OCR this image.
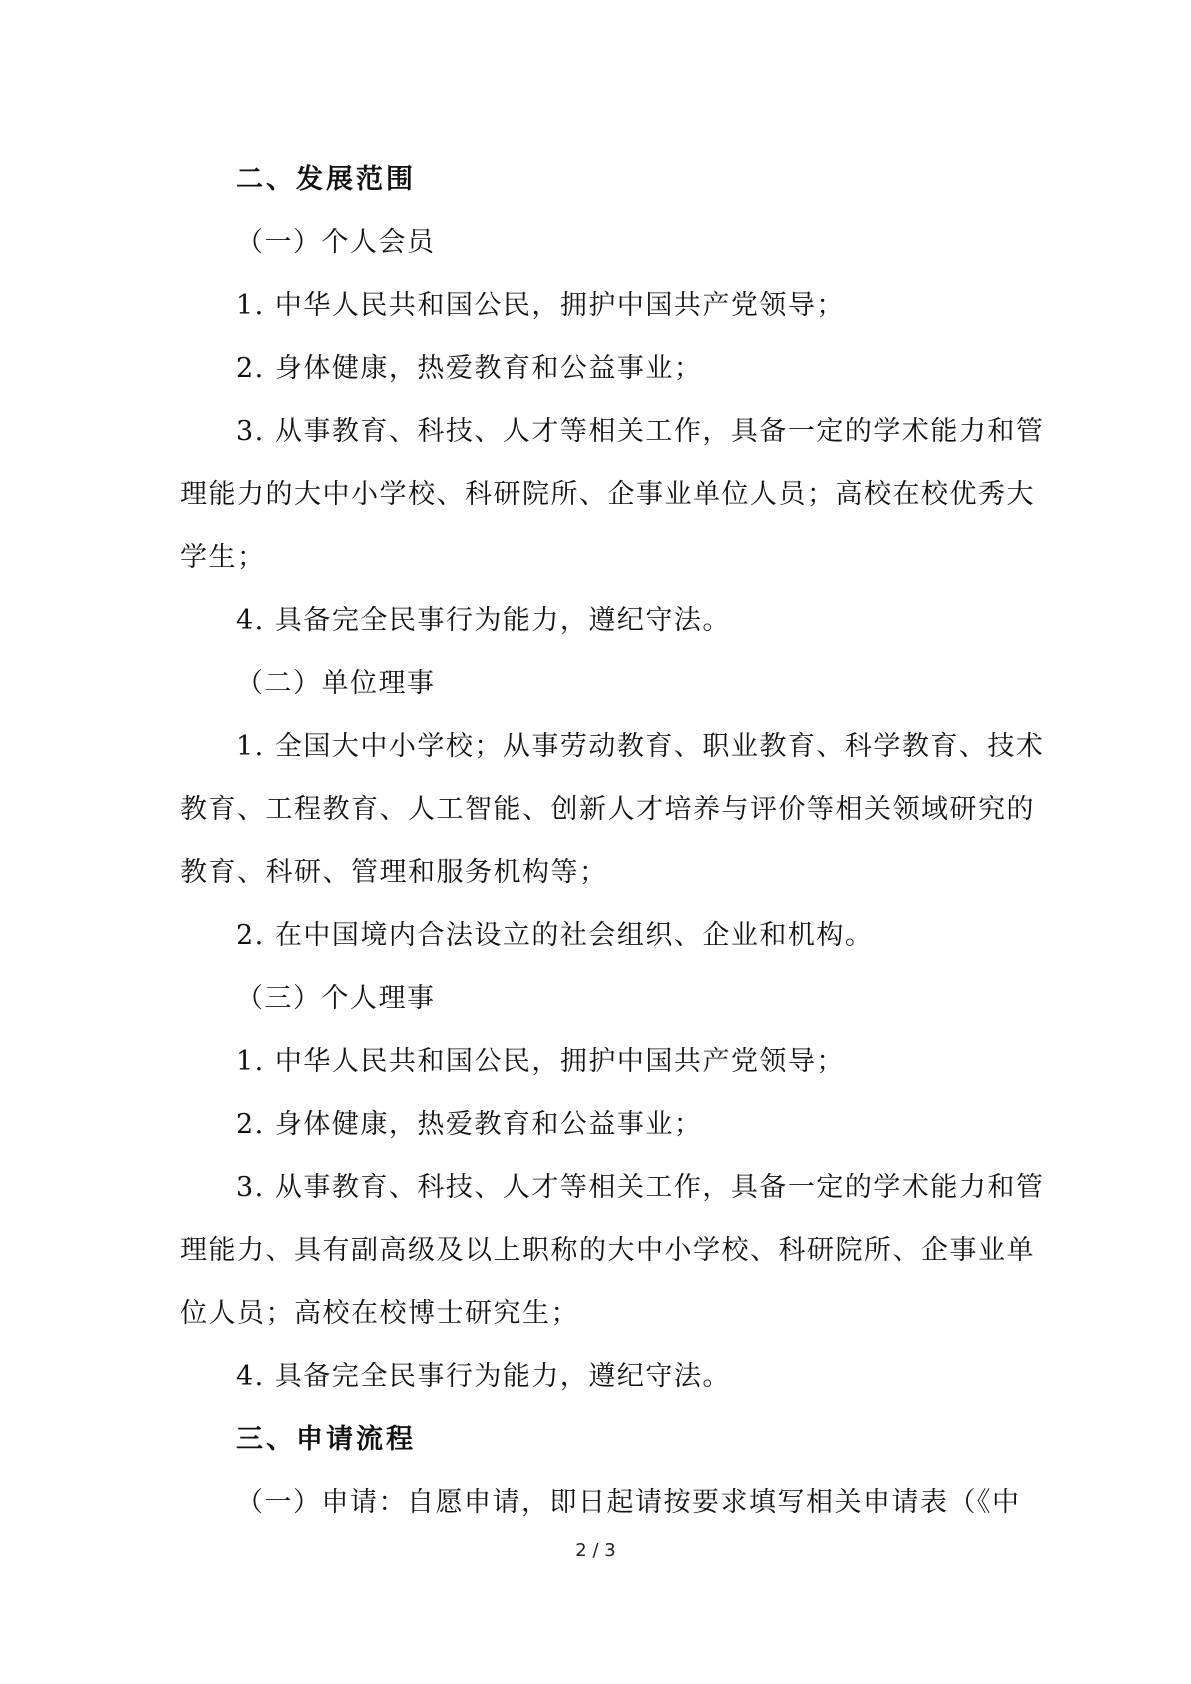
二、发展范围
（一）个人会员
1. 中华人民共和国公民，拥护中国共产党领导；
2. 身体健康，热爱教育和公益事业；
3. 从事教育、科技、人才等相关工作，具备一定的学术能力和管
理能力的大中小学校、科研院所、企事业单位人员；高校在校优秀大
学生；
4. 具备完全民事行为能力，遵纪守法。
（二）单位理事
1. 全国大中小学校；从事劳动教育、职业教育、科学教育、技术
教育、工程教育、人工智能、创新人才培养与评价等相关领域研究的
教育、科研、管理和服务机构等；
2. 在中国境内合法设立的社会组织、企业和机构。
（三）个人理事
1. 中华人民共和国公民，拥护中国共产党领导；
2. 身体健康，热爱教育和公益事业；
3. 从事教育、科技、人才等相关工作，具备一定的学术能力和管
理能力、具有副高级及以上职称的大中小学校、科研院所、企事业单
位人员；高校在校博士研究生；
4. 具备完全民事行为能力，遵纪守法。
三、申请流程
（一）申请：自愿申请，即日起请按要求填写相关申请表（《中
2 / 3
